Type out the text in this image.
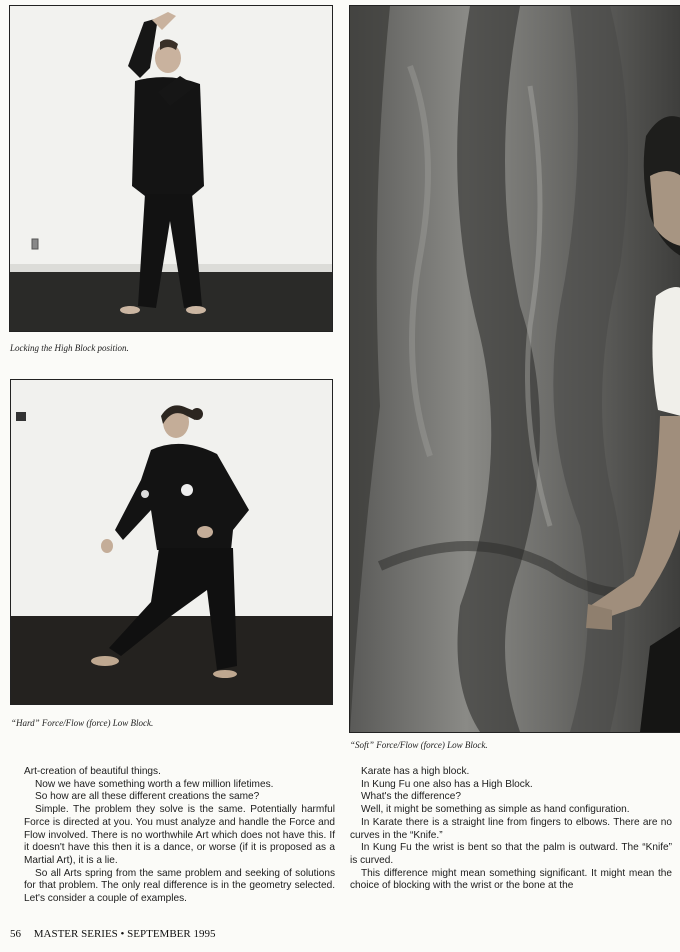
Locking the High Block position.
“Hard” Force/Flow (force) Low Block.
“Soft” Force/Flow (force) Low Block.

Art-creation of beautiful things.

Now we have something worth a few million lifetimes.

So how are all these different creations the same?

Simple. The problem they solve is the same. Potentially harmful Force is directed at you. You must analyze and handle the Force and Flow involved. There is no worthwhile Art which does not have this. If it doesn't have this then it is a dance, or worse (if it is proposed as a Martial Art), it is a lie.

So all Arts spring from the same problem and seeking of solutions for that problem. The only real difference is in the geometry selected. Let's consider a couple of examples.

Karate has a high block.

In Kung Fu one also has a High Block.

What's the difference?

Well, it might be something as simple as hand configuration.

In Karate there is a straight line from fingers to elbows. There are no curves in the “Knife.”

In Kung Fu the wrist is bent so that the palm is outward. The “Knife” is curved.

This difference might mean something significant. It might mean the choice of blocking with the wrist or the bone at the

56 MASTER SERIES • SEPTEMBER 1995
